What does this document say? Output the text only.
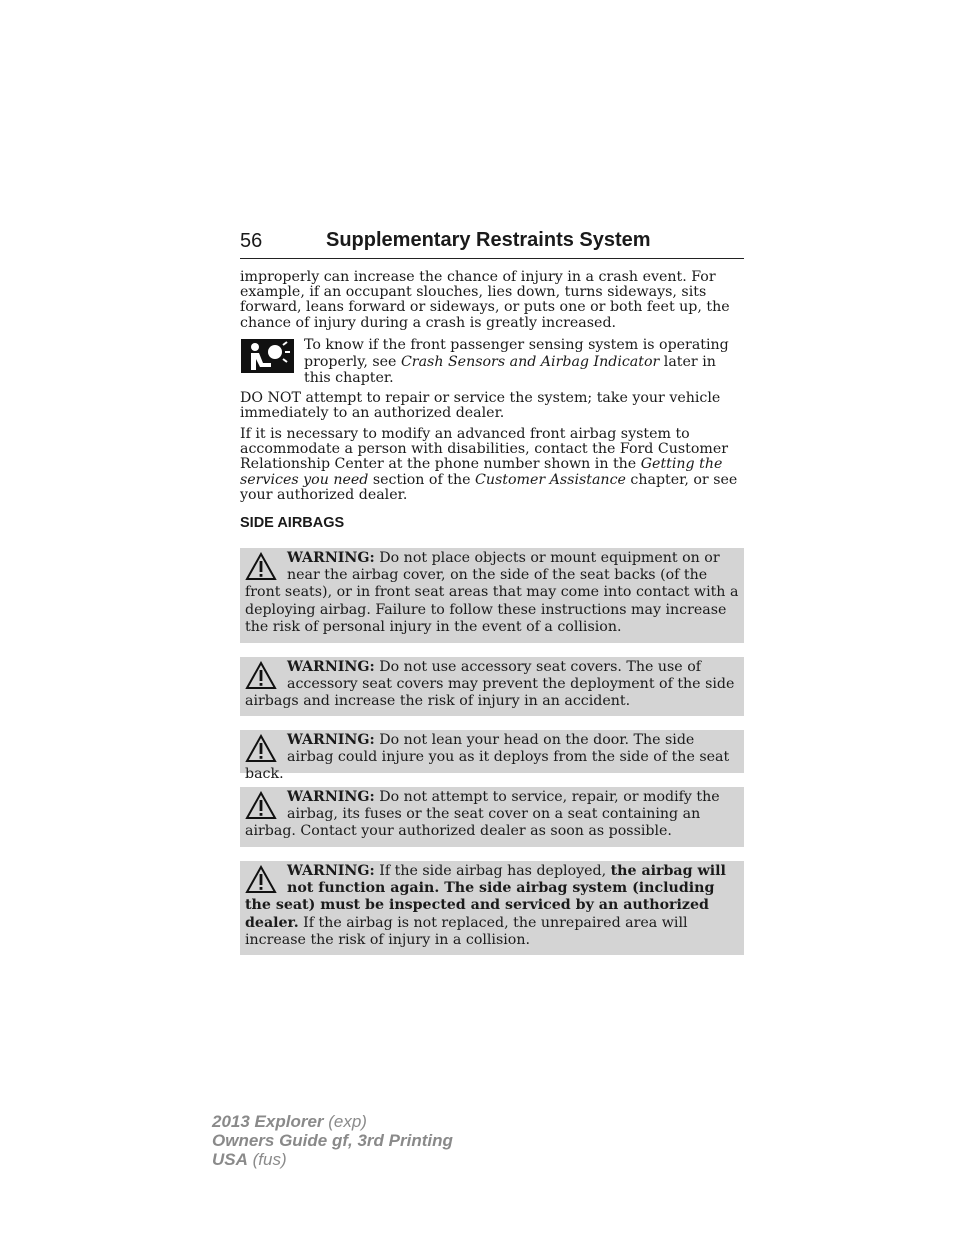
56	Supplementary Restraints System

improperly can increase the chance of injury in a crash event. For example, if an occupant slouches, lies down, turns sideways, sits forward, leans forward or sideways, or puts one or both feet up, the chance of injury during a crash is greatly increased.

To know if the front passenger sensing system is operating properly, see Crash Sensors and Airbag Indicator later in this chapter.

DO NOT attempt to repair or service the system; take your vehicle immediately to an authorized dealer.

If it is necessary to modify an advanced front airbag system to accommodate a person with disabilities, contact the Ford Customer Relationship Center at the phone number shown in the Getting the services you need section of the Customer Assistance chapter, or see your authorized dealer.

SIDE AIRBAGS

WARNING: Do not place objects or mount equipment on or near the airbag cover, on the side of the seat backs (of the front seats), or in front seat areas that may come into contact with a deploying airbag. Failure to follow these instructions may increase the risk of personal injury in the event of a collision.

WARNING: Do not use accessory seat covers. The use of accessory seat covers may prevent the deployment of the side airbags and increase the risk of injury in an accident.

WARNING: Do not lean your head on the door. The side airbag could injure you as it deploys from the side of the seat back.

WARNING: Do not attempt to service, repair, or modify the airbag, its fuses or the seat cover on a seat containing an airbag. Contact your authorized dealer as soon as possible.

WARNING: If the side airbag has deployed, the airbag will not function again. The side airbag system (including the seat) must be inspected and serviced by an authorized dealer. If the airbag is not replaced, the unrepaired area will increase the risk of injury in a collision.

2013 Explorer (exp)
Owners Guide gf, 3rd Printing
USA (fus)
